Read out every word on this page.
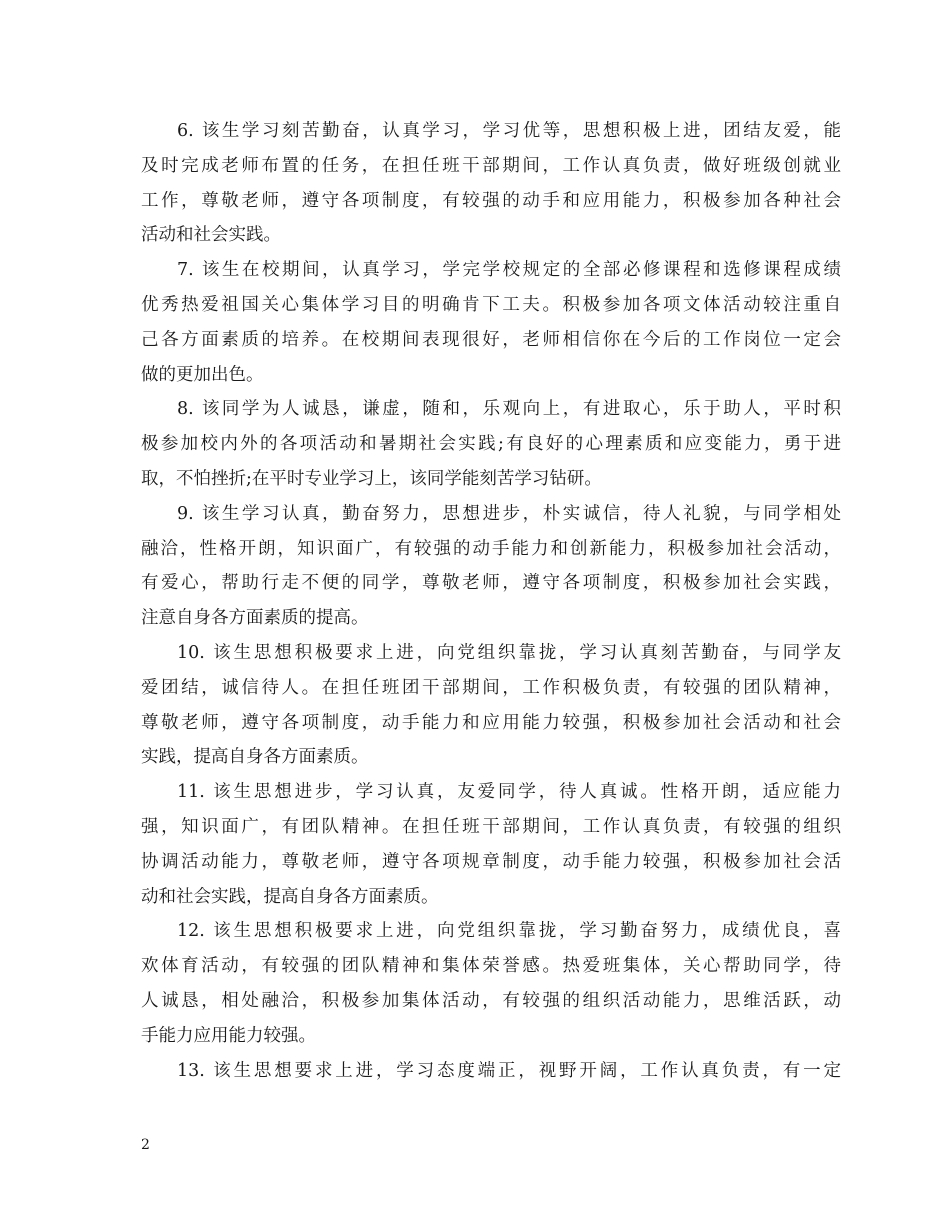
6. 该生学习刻苦勤奋，认真学习，学习优等，思想积极上进，团结友爱，能
及时完成老师布置的任务，在担任班干部期间，工作认真负责，做好班级创就业
工作，尊敬老师，遵守各项制度，有较强的动手和应用能力，积极参加各种社会
活动和社会实践。
7. 该生在校期间，认真学习，学完学校规定的全部必修课程和选修课程成绩
优秀热爱祖国关心集体学习目的明确肯下工夫。积极参加各项文体活动较注重自
己各方面素质的培养。在校期间表现很好，老师相信你在今后的工作岗位一定会
做的更加出色。
8. 该同学为人诚恳，谦虚，随和，乐观向上，有进取心，乐于助人，平时积
极参加校内外的各项活动和暑期社会实践;有良好的心理素质和应变能力，勇于进
取，不怕挫折;在平时专业学习上，该同学能刻苦学习钻研。
9. 该生学习认真，勤奋努力，思想进步，朴实诚信，待人礼貌，与同学相处
融洽，性格开朗，知识面广，有较强的动手能力和创新能力，积极参加社会活动，
有爱心，帮助行走不便的同学，尊敬老师，遵守各项制度，积极参加社会实践，
注意自身各方面素质的提高。
10. 该生思想积极要求上进，向党组织靠拢，学习认真刻苦勤奋，与同学友
爱团结，诚信待人。在担任班团干部期间，工作积极负责，有较强的团队精神，
尊敬老师，遵守各项制度，动手能力和应用能力较强，积极参加社会活动和社会
实践，提高自身各方面素质。
11. 该生思想进步，学习认真，友爱同学，待人真诚。性格开朗，适应能力
强，知识面广，有团队精神。在担任班干部期间，工作认真负责，有较强的组织
协调活动能力，尊敬老师，遵守各项规章制度，动手能力较强，积极参加社会活
动和社会实践，提高自身各方面素质。
12. 该生思想积极要求上进，向党组织靠拢，学习勤奋努力，成绩优良，喜
欢体育活动，有较强的团队精神和集体荣誉感。热爱班集体，关心帮助同学，待
人诚恳，相处融洽，积极参加集体活动，有较强的组织活动能力，思维活跃，动
手能力应用能力较强。
13. 该生思想要求上进，学习态度端正，视野开阔，工作认真负责，有一定
2
